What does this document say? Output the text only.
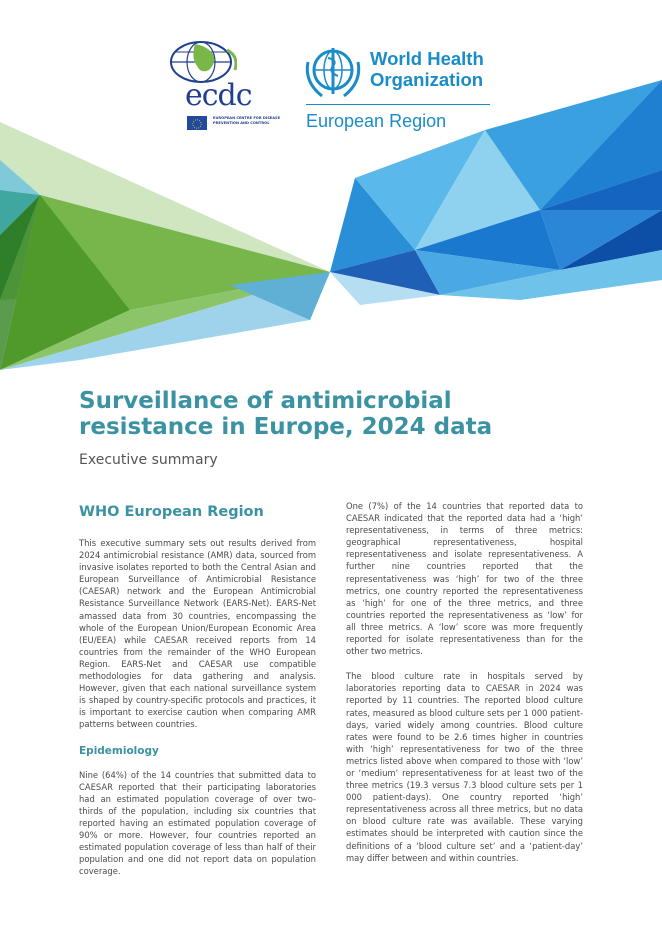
ecdc
EUROPEAN CENTRE FOR DISEASE PREVENTION AND CONTROL
World Health
Organization
European Region
Surveillance of antimicrobial resistance in Europe, 2024 data
Executive summary
WHO European Region

This executive summary sets out results derived from 2024 antimicrobial resistance (AMR) data, sourced from invasive isolates reported to both the Central Asian and European Surveillance of Antimicrobial Resistance (CAESAR) network and the European Antimicrobial Resistance Surveillance Network (EARS-Net). EARS-Net amassed data from 30 countries, encompassing the whole of the European Union/European Economic Area (EU/EEA) while CAESAR received reports from 14 countries from the remainder of the WHO European Region. EARS-Net and CAESAR use compatible methodologies for data gathering and analysis. However, given that each national surveillance system is shaped by country-specific protocols and practices, it is important to exercise caution when comparing AMR patterns between countries.

Epidemiology

Nine (64%) of the 14 countries that submitted data to CAESAR reported that their participating laboratories had an estimated population coverage of over two-thirds of the population, including six countries that reported having an estimated population coverage of 90% or more. However, four countries reported an estimated population coverage of less than half of their population and one did not report data on population coverage.

One (7%) of the 14 countries that reported data to CAESAR indicated that the reported data had a ‘high’ representativeness, in terms of three metrics: geographical representativeness, hospital representativeness and isolate representativeness. A further nine countries reported that the representativeness was ‘high’ for two of the three metrics, one country reported the representativeness as ‘high’ for one of the three metrics, and three countries reported the representativeness as ‘low’ for all three metrics. A ‘low’ score was more frequently reported for isolate representativeness than for the other two metrics.

The blood culture rate in hospitals served by laboratories reporting data to CAESAR in 2024 was reported by 11 countries. The reported blood culture rates, measured as blood culture sets per 1 000 patient-days, varied widely among countries. Blood culture rates were found to be 2.6 times higher in countries with ‘high’ representativeness for two of the three metrics listed above when compared to those with ‘low’ or ‘medium’ representativeness for at least two of the three metrics (19.3 versus 7.3 blood culture sets per 1 000 patient-days). One country reported ‘high’ representativeness across all three metrics, but no data on blood culture rate was available. These varying estimates should be interpreted with caution since the definitions of a ‘blood culture set’ and a ‘patient-day’ may differ between and within countries.
